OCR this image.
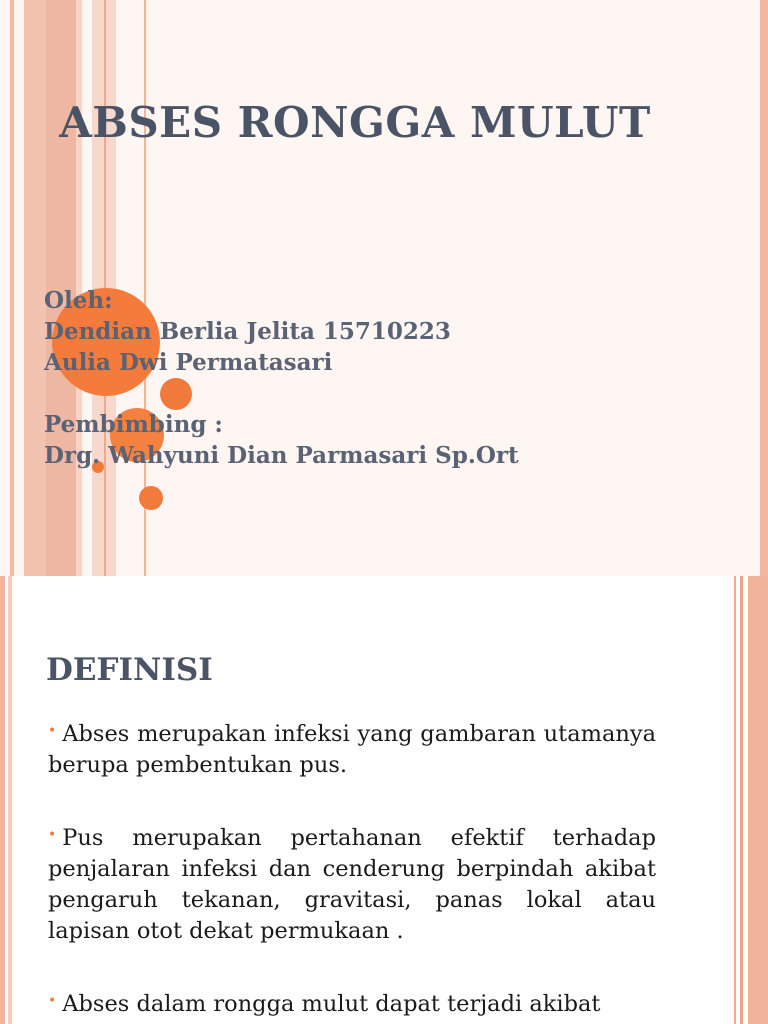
ABSES RONGGA MULUT
Oleh:
Dendian Berlia Jelita 15710223
Aulia Dwi Permatasari
Pembimbing :
Drg. Wahyuni Dian Parmasari Sp.Ort
DEFINISI
• Abses merupakan infeksi yang gambaran utamanya berupa pembentukan pus.
• Pus merupakan pertahanan efektif terhadap penjalaran infeksi dan cenderung berpindah akibat pengaruh tekanan, gravitasi, panas lokal atau lapisan otot dekat permukaan .
• Abses dalam rongga mulut dapat terjadi akibat
